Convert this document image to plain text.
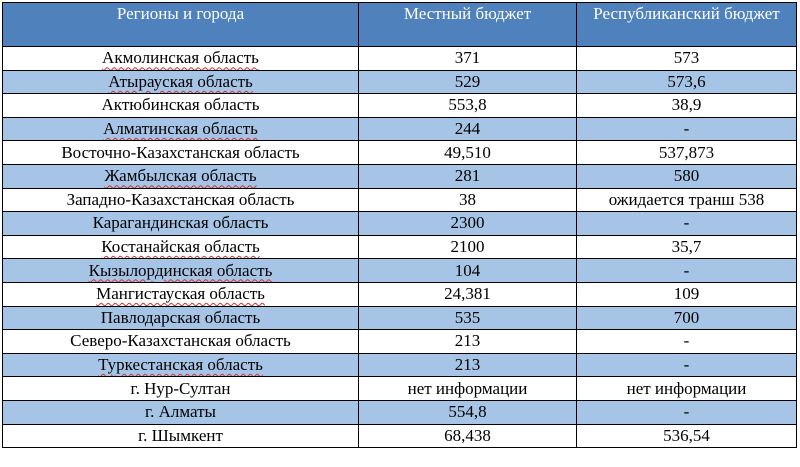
Регионы и города	Местный бюджет	Республиканский бюджет
Акмолинская область	371	573
Атырауская область	529	573,6
Актюбинская область	553,8	38,9
Алматинская область	244	-
Восточно-Казахстанская область	49,510	537,873
Жамбылская область	281	580
Западно-Казахстанская область	38	ожидается транш 538
Карагандинская область	2300	-
Костанайская область	2100	35,7
Кызылординская область	104	-
Мангистауская область	24,381	109
Павлодарская область	535	700
Северо-Казахстанская область	213	-
Туркестанская область	213	-
г. Нур-Султан	нет информации	нет информации
г. Алматы	554,8	-
г. Шымкент	68,438	536,54
